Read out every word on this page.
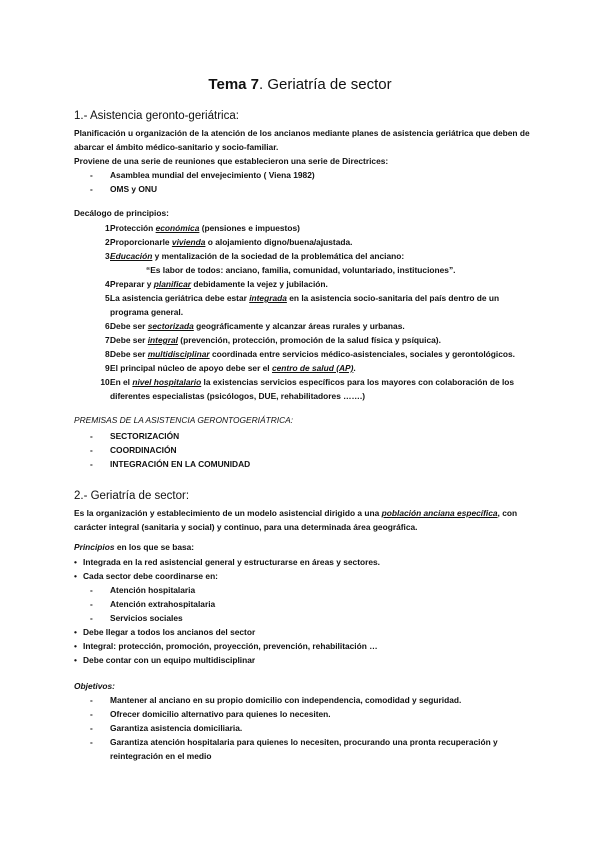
Tema 7. Geriatría de sector
1.- Asistencia geronto-geriátrica:
Planificación u organización de la atención de los ancianos mediante planes de asistencia geriátrica que deben de abarcar el ámbito médico-sanitario y socio-familiar.
Proviene de una serie de reuniones que establecieron una serie de Directrices:
- Asamblea mundial del envejecimiento ( Viena 1982)
- OMS y ONU
Decálogo de principios:
1.
Protección económica (pensiones e impuestos)
2.
Proporcionarle vivienda o alojamiento digno/buena/ajustada.
3.
Educación y mentalización de la sociedad de la problemática del anciano:
“Es labor de todos: anciano, familia, comunidad, voluntariado, instituciones”.
4.
Preparar y planificar debidamente la vejez y jubilación.
5.
La asistencia geriátrica debe estar integrada en la asistencia socio-sanitaria del país dentro de un programa general.
6.
Debe ser sectorizada geográficamente y alcanzar áreas rurales y urbanas.
7.
Debe ser integral (prevención, protección, promoción de la salud física y psíquica).
8.
Debe ser multidisciplinar coordinada entre servicios médico-asistenciales, sociales y gerontológicos.
9.
El principal núcleo de apoyo debe ser el centro de salud (AP).
10.
En el nivel hospitalario la existencias servicios específicos para los mayores con colaboración de los diferentes especialistas (psicólogos, DUE, rehabilitadores …….)
PREMISAS DE LA ASISTENCIA GERONTOGERIÁTRICA:
- SECTORIZACIÓN
- COORDINACIÓN
- INTEGRACIÓN EN LA COMUNIDAD
2.- Geriatría de sector:
Es la organización y establecimiento de un modelo asistencial dirigido a una población anciana específica, con carácter integral (sanitaria y social) y continuo, para una determinada área geográfica.
Principios en los que se basa:
• Integrada en la red asistencial general y estructurarse en áreas y sectores.
• Cada sector debe coordinarse en:
- Atención hospitalaria
- Atención extrahospitalaria
- Servicios sociales
• Debe llegar a todos los ancianos del sector
• Integral: protección, promoción, proyección, prevención, rehabilitación …
• Debe contar con un equipo multidisciplinar
Objetivos:
- Mantener al anciano en su propio domicilio con independencia, comodidad y seguridad.
- Ofrecer domicilio alternativo para quienes lo necesiten.
- Garantiza asistencia domiciliaria.
- Garantiza atención hospitalaria para quienes lo necesiten, procurando una pronta recuperación y reintegración en el medio
